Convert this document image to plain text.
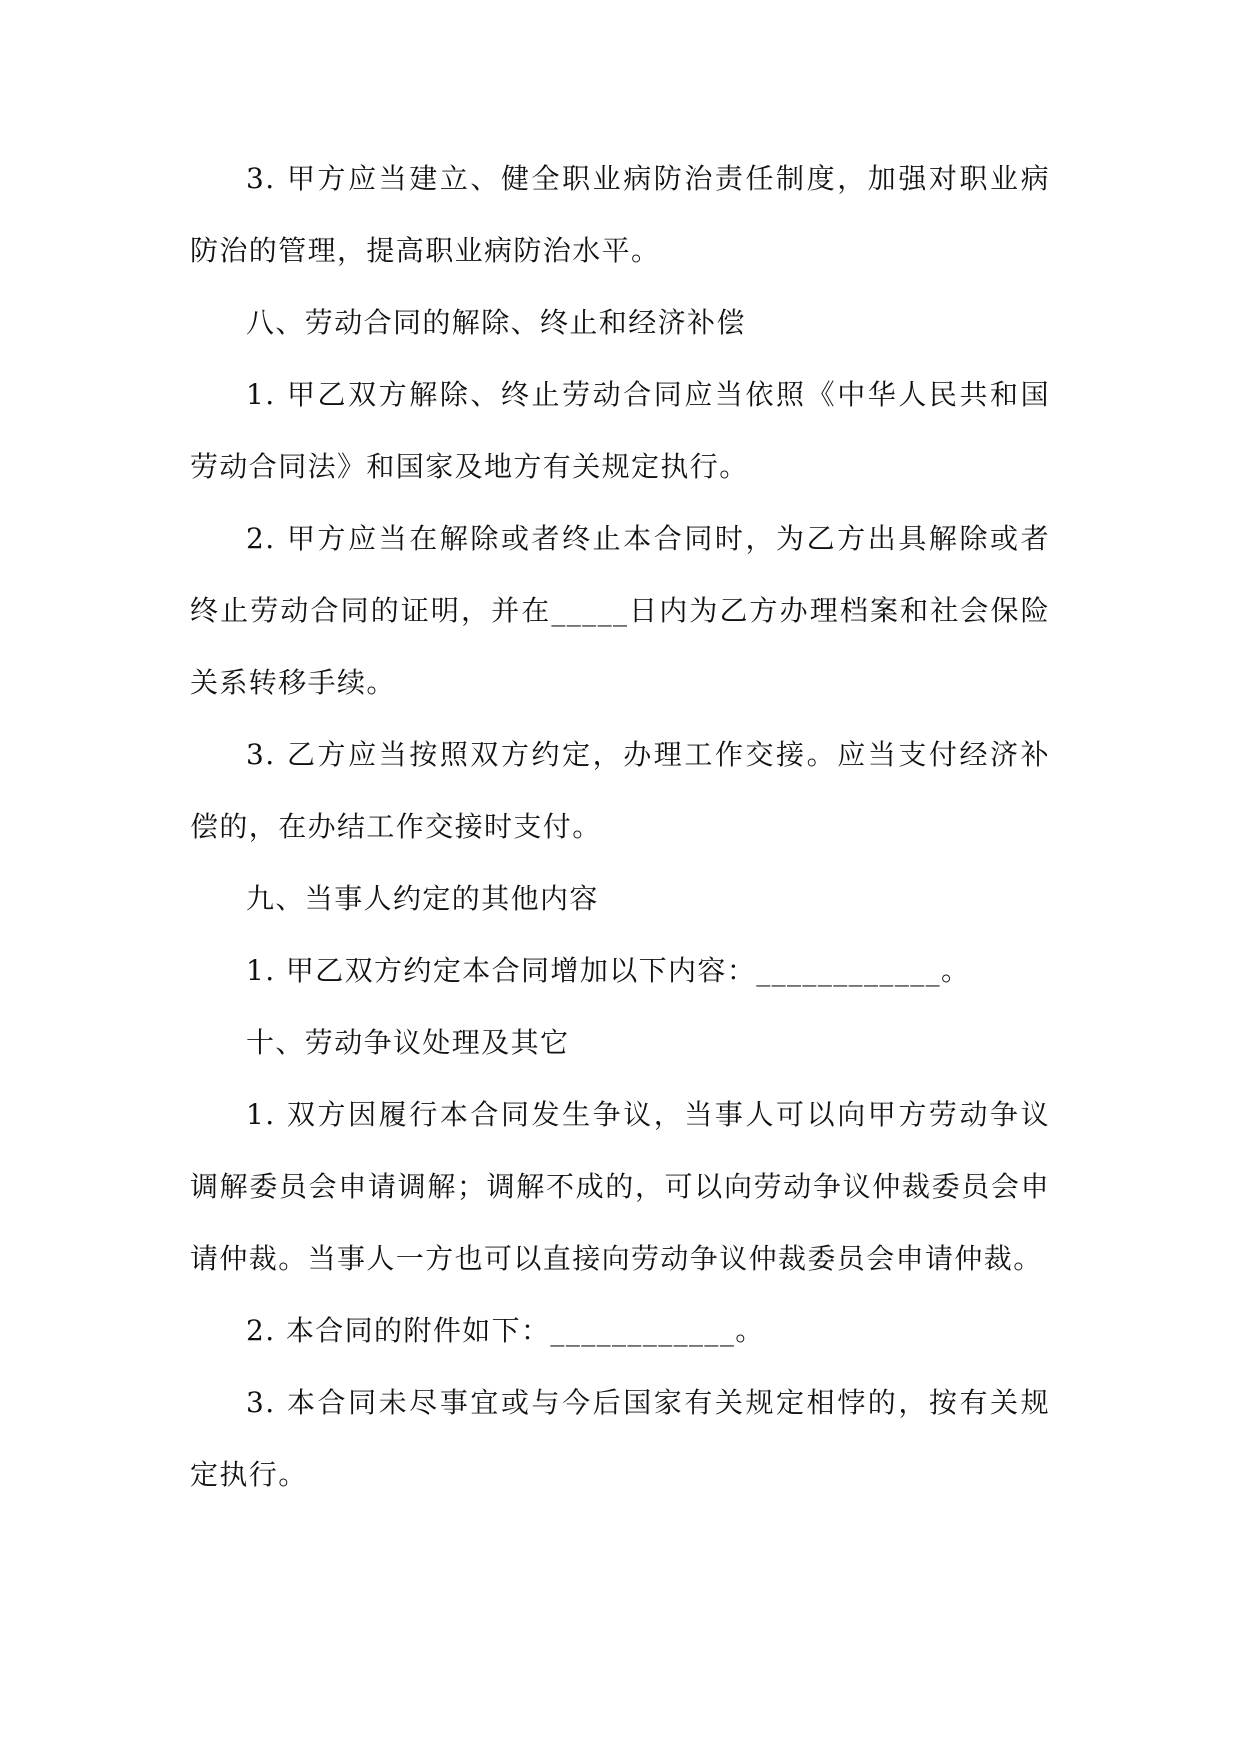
3. 甲方应当建立、健全职业病防治责任制度，加强对职业病防治的管理，提高职业病防治水平。

八、劳动合同的解除、终止和经济补偿

1. 甲乙双方解除、终止劳动合同应当依照《中华人民共和国劳动合同法》和国家及地方有关规定执行。

2. 甲方应当在解除或者终止本合同时，为乙方出具解除或者终止劳动合同的证明，并在_____日内为乙方办理档案和社会保险关系转移手续。

3. 乙方应当按照双方约定，办理工作交接。应当支付经济补偿的，在办结工作交接时支付。

九、当事人约定的其他内容

1. 甲乙双方约定本合同增加以下内容：____________。

十、劳动争议处理及其它

1. 双方因履行本合同发生争议，当事人可以向甲方劳动争议调解委员会申请调解；调解不成的，可以向劳动争议仲裁委员会申请仲裁。当事人一方也可以直接向劳动争议仲裁委员会申请仲裁。

2. 本合同的附件如下：____________。

3. 本合同未尽事宜或与今后国家有关规定相悖的，按有关规定执行。
